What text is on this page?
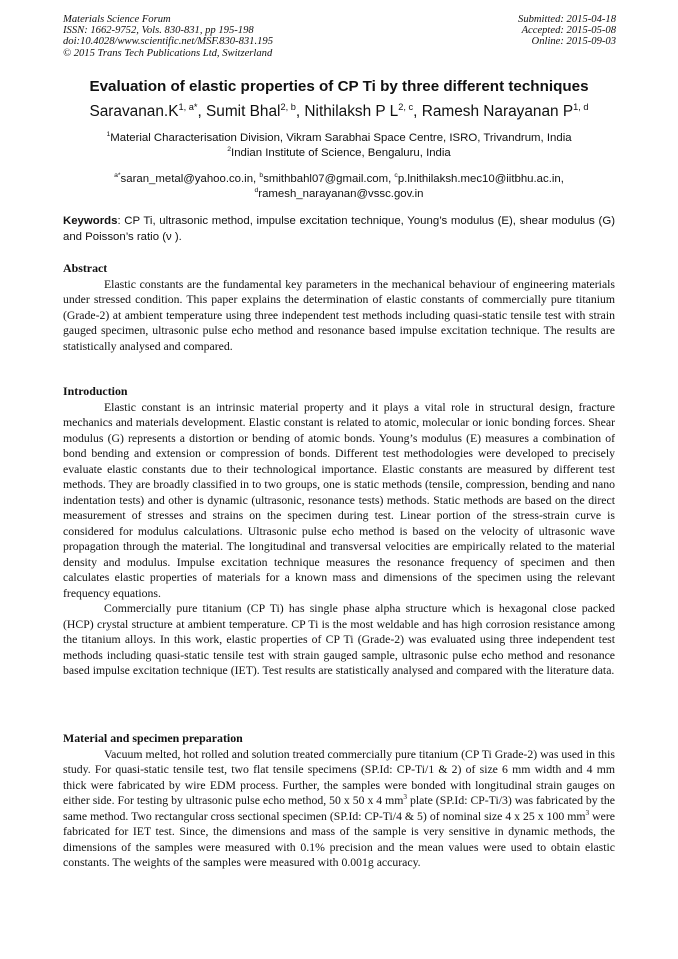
Materials Science Forum
ISSN: 1662-9752, Vols. 830-831, pp 195-198
doi:10.4028/www.scientific.net/MSF.830-831.195
© 2015 Trans Tech Publications Ltd, Switzerland
Submitted: 2015-04-18
Accepted: 2015-05-08
Online: 2015-09-03
Evaluation of elastic properties of CP Ti by three different techniques
$Saravanan.K^{1, a*}$, Sumit Bhal$^{2, b}$, Nithilaksh P L$^{2, c}$, Ramesh Narayanan P$^{1, d}$
$^1$Material Characterisation Division, Vikram Sarabhai Space Centre, ISRO, Trivandrum, India
$^2$Indian Institute of Science, Bengaluru, India
$^{a*}$saran_metal@yahoo.co.in, $^b$smithbahl07@gmail.com, $^c$p.lnithilaksh.mec10@iitbhu.ac.in,
$^d$ramesh_narayanan@vssc.gov.in
Keywords: CP Ti, ultrasonic method, impulse excitation technique, Young’s modulus (E), shear modulus (G) and Poisson’s ratio (ν ).
Abstract

Elastic constants are the fundamental key parameters in the mechanical behaviour of engineering materials under stressed condition. This paper explains the determination of elastic constants of commercially pure titanium (Grade-2) at ambient temperature using three independent test methods including quasi-static tensile test with strain gauged specimen, ultrasonic pulse echo method and resonance based impulse excitation technique. The results are statistically analysed and compared.

Introduction

Elastic constant is an intrinsic material property and it plays a vital role in structural design, fracture mechanics and materials development. Elastic constant is related to atomic, molecular or ionic bonding forces. Shear modulus (G) represents a distortion or bending of atomic bonds. Young’s modulus (E) measures a combination of bond bending and extension or compression of bonds. Different test methodologies were developed to precisely evaluate elastic constants due to their technological importance. Elastic constants are measured by different test methods. They are broadly classified in to two groups, one is static methods (tensile, compression, bending and nano indentation tests) and other is dynamic (ultrasonic, resonance tests) methods. Static methods are based on the direct measurement of stresses and strains on the specimen during test. Linear portion of the stress-strain curve is considered for modulus calculations. Ultrasonic pulse echo method is based on the velocity of ultrasonic wave propagation through the material. The longitudinal and transversal velocities are empirically related to the material density and modulus. Impulse excitation technique measures the resonance frequency of specimen and then calculates elastic properties of materials for a known mass and dimensions of the specimen using the relevant frequency equations.

Commercially pure titanium (CP Ti) has single phase alpha structure which is hexagonal close packed (HCP) crystal structure at ambient temperature. CP Ti is the most weldable and has high corrosion resistance among the titanium alloys. In this work, elastic properties of CP Ti (Grade-2) was evaluated using three independent test methods including quasi-static tensile test with strain gauged sample, ultrasonic pulse echo method and resonance based impulse excitation technique (IET). Test results are statistically analysed and compared with the literature data.

Material and specimen preparation

Vacuum melted, hot rolled and solution treated commercially pure titanium (CP Ti Grade-2) was used in this study. For quasi-static tensile test, two flat tensile specimens (SP.Id: CP-Ti/1 & 2) of size 6 mm width and 4 mm thick were fabricated by wire EDM process. Further, the samples were bonded with longitudinal strain gauges on either side. For testing by ultrasonic pulse echo method, 50 x 50 x 4 $mm^3$ plate (SP.Id: CP-Ti/3) was fabricated by the same method. Two rectangular cross sectional specimen (SP.Id: CP-Ti/4 & 5) of nominal size 4 x 25 x 100 $mm^3$ were fabricated for IET test. Since, the dimensions and mass of the sample is very sensitive in dynamic methods, the dimensions of the samples were measured with 0.1% precision and the mean values were used to obtain elastic constants. The weights of the samples were measured with 0.001g accuracy.
